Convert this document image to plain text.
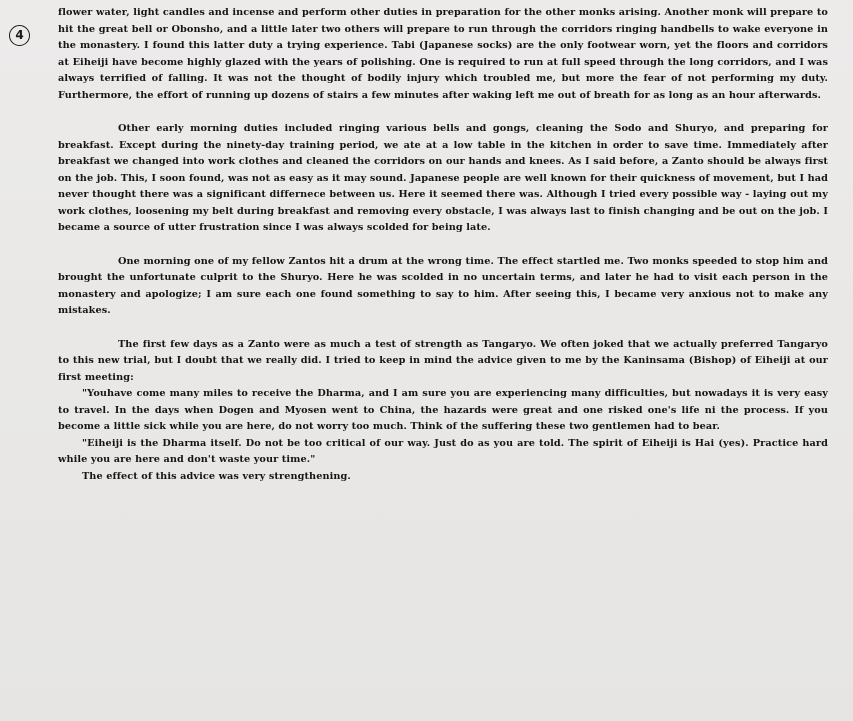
4

flower water, light candles and incense and perform other duties in preparation for the other monks arising. Another monk will prepare to hit the great bell or Obonsho, and a little later two others will prepare to run through the corridors ringing handbells to wake everyone in the monastery. I found this latter duty a trying experience. Tabi (Japanese socks) are the only footwear worn, yet the floors and corridors at Eiheiji have become highly glazed with the years of polishing. One is required to run at full speed through the long corridors, and I was always terrified of falling. It was not the thought of bodily injury which troubled me, but more the fear of not performing my duty. Furthermore, the effort of running up dozens of stairs a few minutes after waking left me out of breath for as long as an hour afterwards.

Other early morning duties included ringing various bells and gongs, cleaning the Sodo and Shuryo, and preparing for breakfast. Except during the ninety-day training period, we ate at a low table in the kitchen in order to save time. Immediately after breakfast we changed into work clothes and cleaned the corridors on our hands and knees. As I said before, a Zanto should be always first on the job. This, I soon found, was not as easy as it may sound. Japanese people are well known for their quickness of movement, but I had never thought there was a significant differnece between us. Here it seemed there was. Although I tried every possible way - laying out my work clothes, loosening my belt during breakfast and removing every obstacle, I was always last to finish changing and be out on the job. I became a source of utter frustration since I was always scolded for being late.

One morning one of my fellow Zantos hit a drum at the wrong time. The effect startled me. Two monks speeded to stop him and brought the unfortunate culprit to the Shuryo. Here he was scolded in no uncertain terms, and later he had to visit each person in the monastery and apologize; I am sure each one found something to say to him. After seeing this, I became very anxious not to make any mistakes.

The first few days as a Zanto were as much a test of strength as Tangaryo. We often joked that we actually preferred Tangaryo to this new trial, but I doubt that we really did. I tried to keep in mind the advice given to me by the Kaninsama (Bishop) of Eiheiji at our first meeting:

"Youhave come many miles to receive the Dharma, and I am sure you are experiencing many difficulties, but nowadays it is very easy to travel. In the days when Dogen and Myosen went to China, the hazards were great and one risked one's life ni the process. If you become a little sick while you are here, do not worry too much. Think of the suffering these two gentlemen had to bear.

"Eiheiji is the Dharma itself. Do not be too critical of our way. Just do as you are told. The spirit of Eiheiji is Hai (yes). Practice hard while you are here and don't waste your time."

The effect of this advice was very strengthening.
